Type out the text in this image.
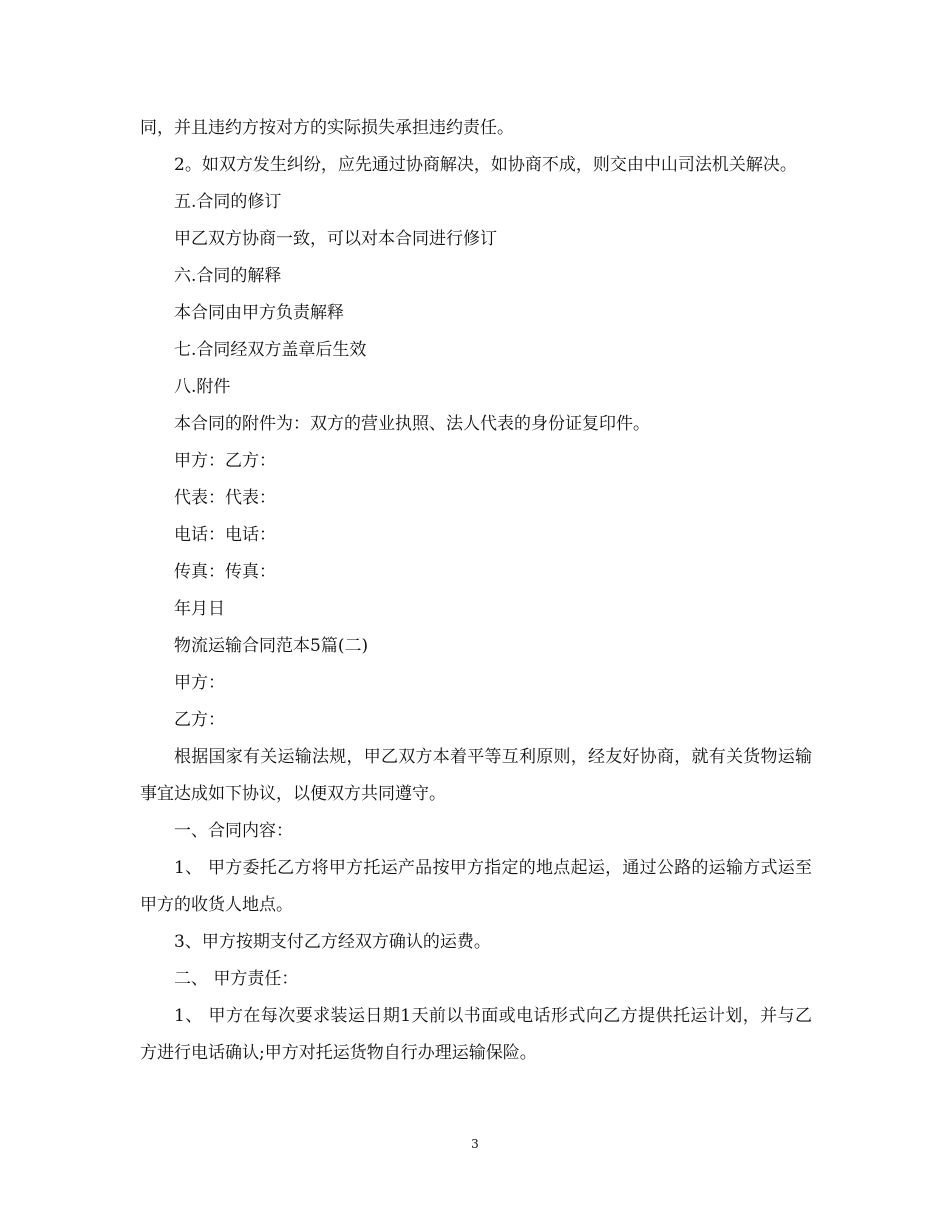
同，并且违约方按对方的实际损失承担违约责任。

2。如双方发生纠纷，应先通过协商解决，如协商不成，则交由中山司法机关解决。

五.合同的修订

甲乙双方协商一致，可以对本合同进行修订

六.合同的解释

本合同由甲方负责解释

七.合同经双方盖章后生效

八.附件

本合同的附件为：双方的营业执照、法人代表的身份证复印件。

甲方：乙方：

代表：代表：

电话：电话：

传真：传真：

年月日

物流运输合同范本5篇(二)

甲方：

乙方：

根据国家有关运输法规，甲乙双方本着平等互利原则，经友好协商，就有关货物运输事宜达成如下协议，以便双方共同遵守。

一、合同内容：

1、 甲方委托乙方将甲方托运产品按甲方指定的地点起运，通过公路的运输方式运至甲方的收货人地点。

3、甲方按期支付乙方经双方确认的运费。

二、 甲方责任：

1、 甲方在每次要求装运日期1天前以书面或电话形式向乙方提供托运计划，并与乙方进行电话确认;甲方对托运货物自行办理运输保险。

3
